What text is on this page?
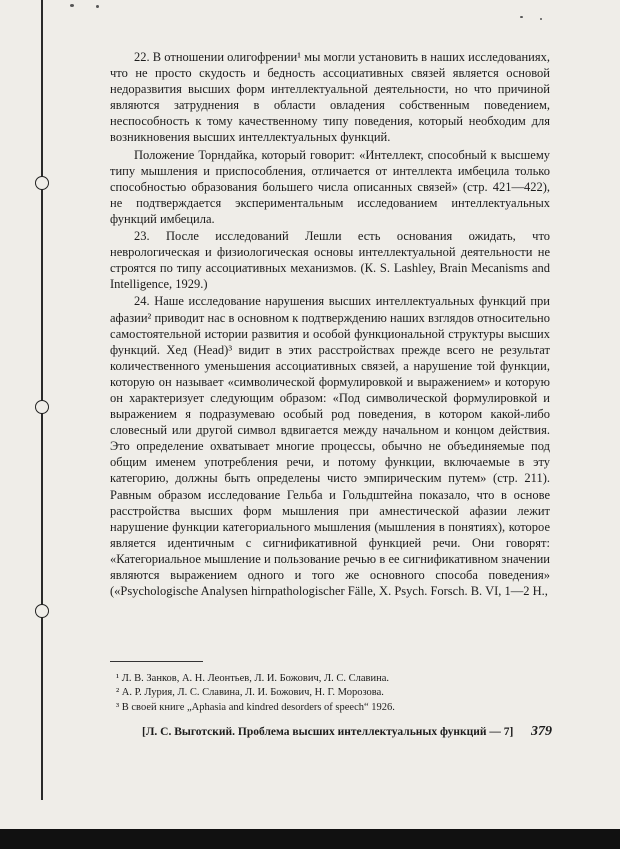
22. В отношении олигофрении¹ мы могли установить в наших исследованиях, что не просто скудость и бедность ассоциативных связей является основой недоразвития высших форм интеллектуальной деятельности, но что причиной являются затруднения в области овладения собственным поведением, неспособность к тому качественному типу поведения, который необходим для возникновения высших интеллектуальных функций.

Положение Торндайка, который говорит: «Интеллект, способный к высшему типу мышления и приспособления, отличается от интеллекта имбецила только способностью образования большего числа описанных связей» (стр. 421—422), не подтверждается экспериментальным исследованием интеллектуальных функций имбецила.

23. После исследований Лешли есть основания ожидать, что неврологическая и физиологическая основы интеллектуальной деятельности не строятся по типу ассоциативных механизмов. (К. S. Lashley, Brain Mecanisms and Intelligence, 1929.)

24. Наше исследование нарушения высших интеллектуальных функций при афазии² приводит нас в основном к подтверждению наших взглядов относительно самостоятельной истории развития и особой функциональной структуры высших функций. Хед (Head)³ видит в этих расстройствах прежде всего не результат количественного уменьшения ассоциативных связей, а нарушение той функции, которую он называет «символической формулировкой и выражением» и которую он характеризует следующим образом: «Под символической формулировкой и выражением я подразумеваю особый род поведения, в котором какой-либо словесный или другой символ вдвигается между начальном и концом действия. Это определение охватывает многие процессы, обычно не объединяемые под общим именем употребления речи, и потому функции, включаемые в эту категорию, должны быть определены чисто эмпирическим путем» (стр. 211). Равным образом исследование Гельба и Гольдштейна показало, что в основе расстройства высших форм мышления при амнестической афазии лежит нарушение функции категориального мышления (мышления в понятиях), которое является идентичным с сигнификативной функцией речи. Они говорят: «Категориальное мышление и пользование речью в ее сигнификативном значении являются выражением одного и того же основного способа поведения» («Psychologische Analysen hirnpathologischer Fälle, X. Psych. Forsch. B. VI, 1—2 H.,

¹ Л. В. Занков, А. Н. Леонтьев, Л. И. Божович, Л. С. Славина.
² А. Р. Лурия, Л. С. Славина, Л. И. Божович, Н. Г. Морозова.
³ В своей книге „Aphasia and kindred desorders of speech“ 1926.
[Л. С. Выготский. Проблема высших интеллектуальных функций — 7] 379
